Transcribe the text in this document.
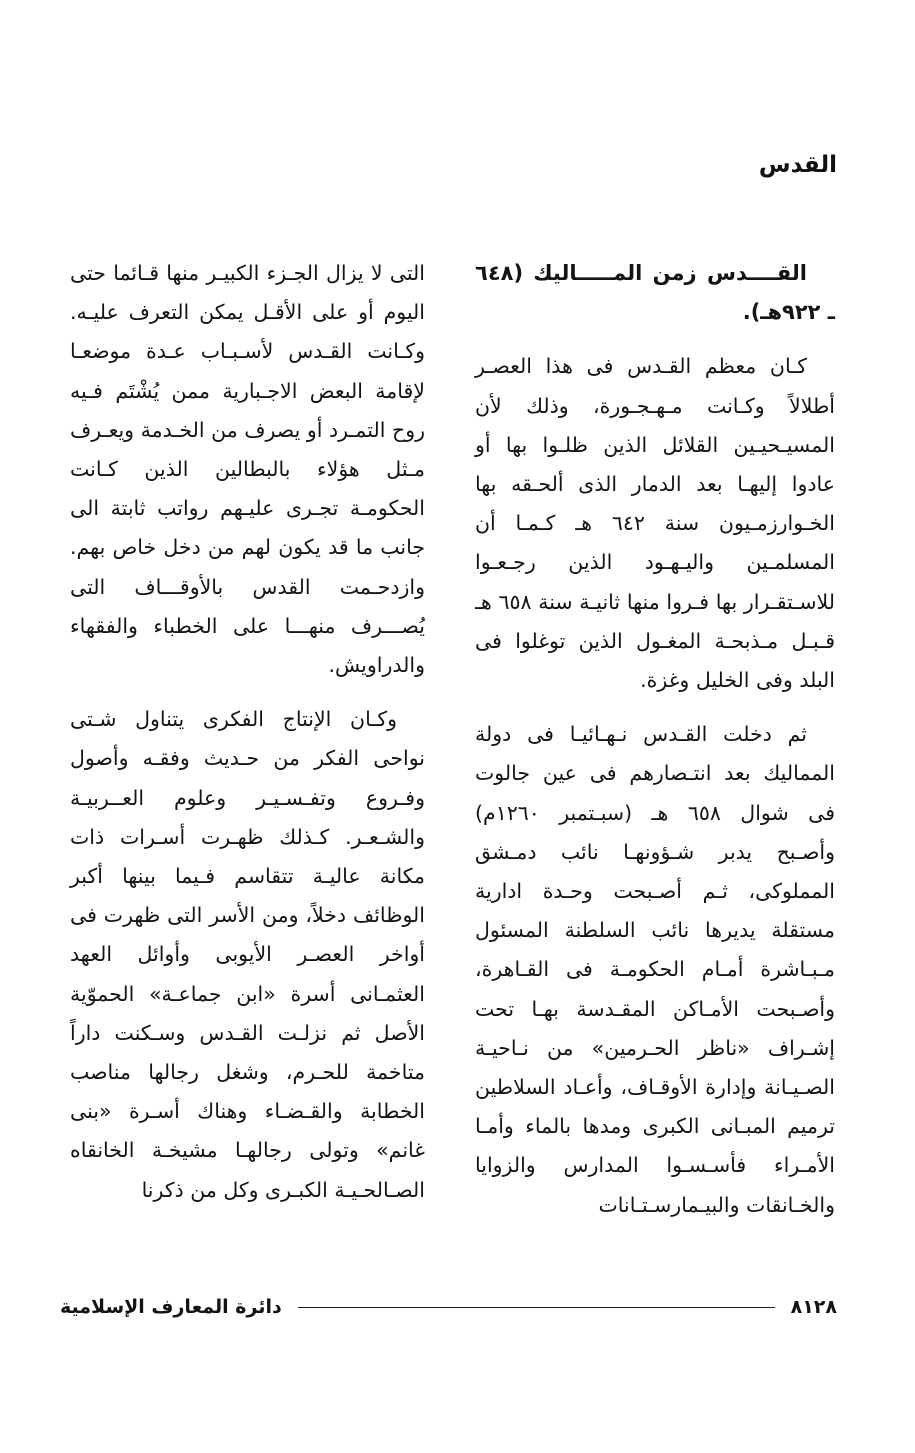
القدس

القــــدس زمن المـــــاليك (٦٤٨ ـ ٩٢٢هـ).

كـان معظم القـدس فى هذا العصـر أطلالاً وكـانت مـهـجـورة، وذلك لأن المسيـحيـين القلائل الذين ظلـوا بها أو عادوا إليهـا بعد الدمار الذى ألحـقه بها الخـوارزمـيون سنة ٦٤٢ هـ كـمـا أن المسلمـين واليـهـود الذين رجـعـوا للاسـتقـرار بها فـروا منها ثانيـة سنة ٦٥٨ هـ قـبـل مـذبحـة المغـول الذين توغلوا فى البلد وفى الخليل وغزة.

ثم دخلت القـدس نـهـائيـا فى دولة المماليك بعد انتـصارهم فى عين جالوت فى شوال ٦٥٨ هـ (سبـتمبر ١٢٦٠م) وأصـبح يدبر شـؤونهـا نائب دمـشق المملوكى، ثـم أصـبحت وحـدة ادارية مستقلة يديرها نائب السلطنة المسئول مـبـاشرة أمـام الحكومـة فى القـاهرة، وأصـبحت الأمـاكن المقـدسة بهـا تحت إشـراف «ناظر الحـرمين» من نـاحيـة الصـيـانة وإدارة الأوقـاف، وأعـاد السلاطين ترميم المبـانى الكبرى ومدها بالماء وأمـا الأمـراء فأسـسـوا المدارس والزوايا والخـانقات والبيـمارسـتـانات

التى لا يزال الجـزء الكبيـر منها قـائما حتى اليوم أو على الأقـل يمكن التعرف عليـه. وكـانت القـدس لأسـبـاب عـدة موضعـا لإقامة البعض الاجـبارية ممن يُشْتَم فـيه روح التمـرد أو يصرف من الخـدمة ويعـرف مـثل هؤلاء بالبطالين الذين كـانت الحكومـة تجـرى عليـهم رواتب ثابتة الى جانب ما قد يكون لهم من دخل خاص بهم. وازدحـمت القدس بالأوقـــاف التى يُصـــرف منهـــا على الخطباء والفقهاء والدراويش.

وكـان الإنتاج الفكرى يتناول شـتى نواحى الفكر من حـديث وفقـه وأصول وفـروع وتفـسـيـر وعلوم العــربيـة والشـعـر. كـذلك ظهـرت أسـرات ذات مكانة عاليـة تتقاسم فـيما بينها أكبر الوظائف دخلاً، ومن الأسر التى ظهرت فى أواخر العصـر الأيوبى وأوائل العهد العثمـانى أسرة «ابن جماعـة» الحموّية الأصل ثم نزلـت القـدس وسـكنت داراً متاخمة للحـرم، وشغل رجالها مناصب الخطابة والقـضـاء وهناك أسـرة «بنى غانم» وتولى رجالهـا مشيخـة الخانقاه الصـالحـيـة الكبـرى وكل من ذكرنا

٨١٢٨
دائرة المعارف الإسلامية
